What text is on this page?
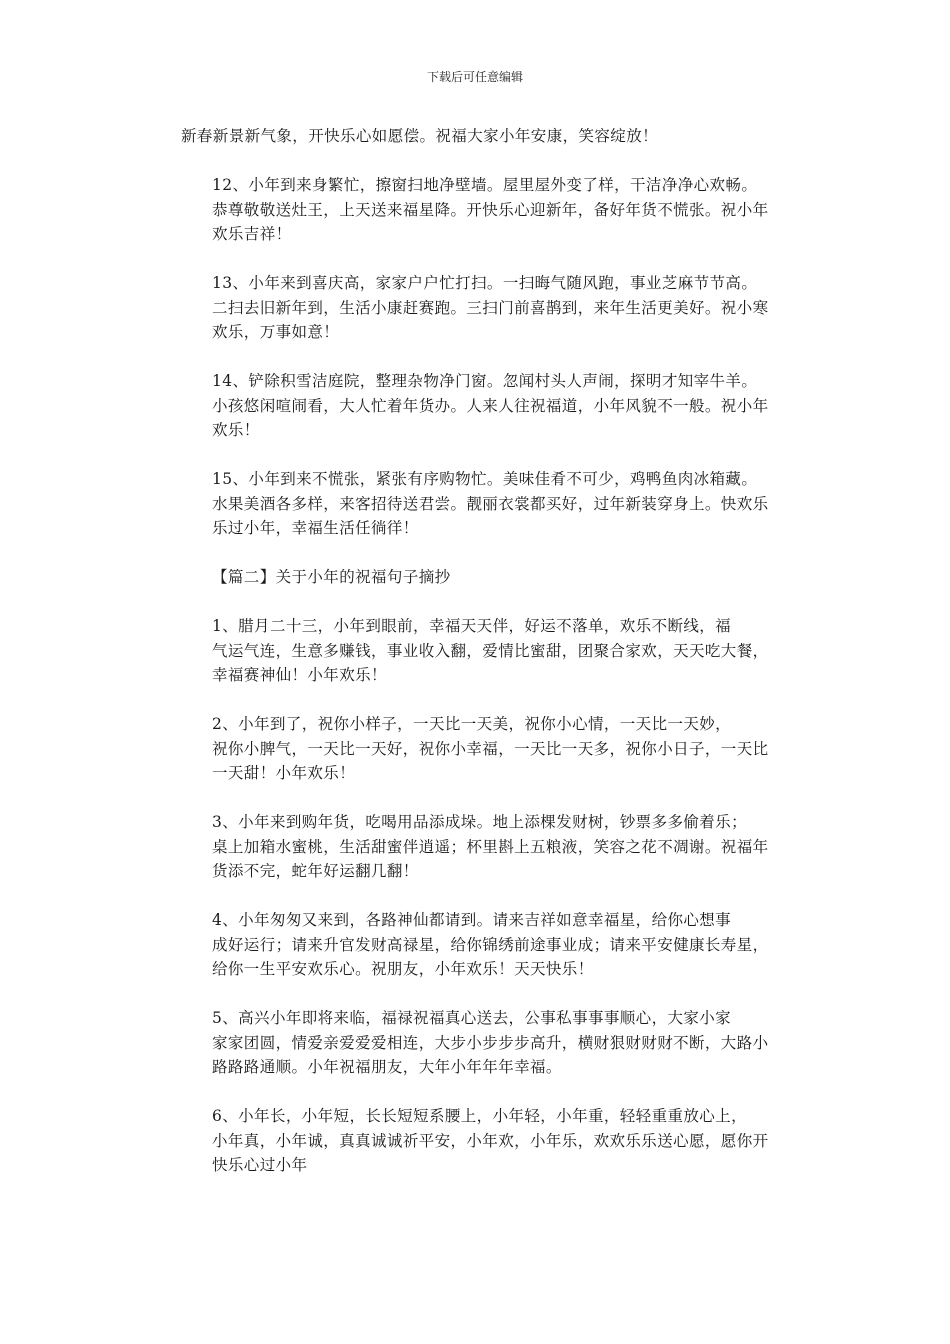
下载后可任意编辑
新春新景新气象，开快乐心如愿偿。祝福大家小年安康，笑容绽放！
12、小年到来身繁忙，擦窗扫地净壁墙。屋里屋外变了样，干洁净净心欢畅。
恭尊敬敬送灶王，上天送来福星降。开快乐心迎新年，备好年货不慌张。祝小年
欢乐吉祥！
13、小年来到喜庆高，家家户户忙打扫。一扫晦气随风跑，事业芝麻节节高。
二扫去旧新年到，生活小康赶赛跑。三扫门前喜鹊到，来年生活更美好。祝小寒
欢乐，万事如意！
14、铲除积雪洁庭院，整理杂物净门窗。忽闻村头人声闹，探明才知宰牛羊。
小孩悠闲喧闹看，大人忙着年货办。人来人往祝福道，小年风貌不一般。祝小年
欢乐！
15、小年到来不慌张，紧张有序购物忙。美味佳肴不可少，鸡鸭鱼肉冰箱藏。
水果美酒各多样，来客招待送君尝。靓丽衣裳都买好，过年新装穿身上。快欢乐
乐过小年，幸福生活任徜徉！
【篇二】关于小年的祝福句子摘抄
1、腊月二十三，小年到眼前，幸福天天伴，好运不落单，欢乐不断线，福
气运气连，生意多赚钱，事业收入翻，爱情比蜜甜，团聚合家欢，天天吃大餐，
幸福赛神仙！小年欢乐！
2、小年到了，祝你小样子，一天比一天美，祝你小心情，一天比一天妙，
祝你小脾气，一天比一天好，祝你小幸福，一天比一天多，祝你小日子，一天比
一天甜！小年欢乐！
3、小年来到购年货，吃喝用品添成垛。地上添棵发财树，钞票多多偷着乐；
桌上加箱水蜜桃，生活甜蜜伴逍遥；杯里斟上五粮液，笑容之花不凋谢。祝福年
货添不完，蛇年好运翻几翻！
4、小年匆匆又来到，各路神仙都请到。请来吉祥如意幸福星，给你心想事
成好运行；请来升官发财高禄星，给你锦绣前途事业成；请来平安健康长寿星，
给你一生平安欢乐心。祝朋友，小年欢乐！天天快乐！
5、高兴小年即将来临，福禄祝福真心送去，公事私事事事顺心，大家小家
家家团圆，情爱亲爱爱爱相连，大步小步步步高升，横财狠财财财不断，大路小
路路路通顺。小年祝福朋友，大年小年年年幸福。
6、小年长，小年短，长长短短系腰上，小年轻，小年重，轻轻重重放心上，
小年真，小年诚，真真诚诚祈平安，小年欢，小年乐，欢欢乐乐送心愿，愿你开
快乐心过小年
